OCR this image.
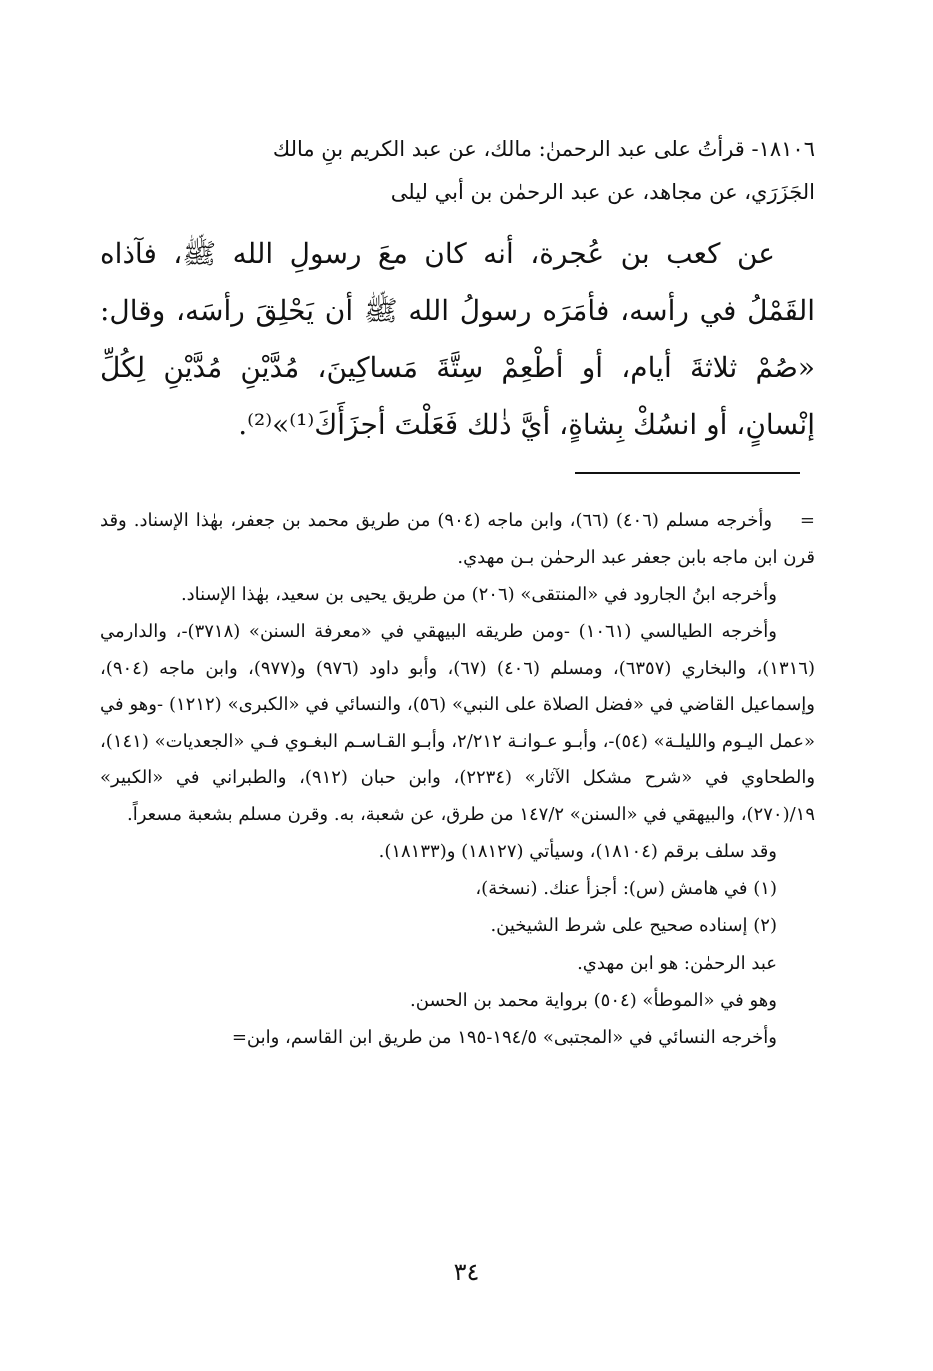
١٨١٠٦- قرأتُ على عبد الرحمنٰ: مالك، عن عبد الكريم بنِ مالك

الجَزَرَي، عن مجاهد، عن عبد الرحمٰن بن أبي ليلى

عن كعب بن عُجرة، أنه كان معَ رسولِ الله ﷺ، فآذاه القَمْلُ في رأسه، فأمَرَه رسولُ الله ﷺ أن يَحْلِقَ رأسَه، وقال: «صُمْ ثلاثةَ أيام، أو أطْعِمْ سِتَّةَ مَساكِينَ، مُدَّيْنِ مُدَّيْنِ لِكُلِّ إنْسانٍ، أو انسُكْ بِشاةٍ، أيَّ ذٰلك فَعَلْتَ أجزَأَكَ⁽¹⁾»⁽²⁾.

=    وأخرجه مسلم (٤٠٦) (٦٦)، وابن ماجه (٩٠٤) من طريق محمد بن جعفر، بهٰذا الإسناد. وقد قرن ابن ماجه بابن جعفر عبد الرحمٰن بـن مهدي.

وأخرجه ابنُ الجارود في «المنتقى» (٢٠٦) من طريق يحيى بن سعيد، بهٰذا الإسناد.

وأخرجه الطيالسي (١٠٦١) -ومن طريقه البيهقي في «معرفة السنن» (٣٧١٨)-، والدارمي (١٣١٦)، والبخاري (٦٣٥٧)، ومسلم (٤٠٦) (٦٧)، وأبو داود (٩٧٦) و(٩٧٧)، وابن ماجه (٩٠٤)، وإسماعيل القاضي في «فضل الصلاة على النبي» (٥٦)، والنسائي في «الكبرى» (١٢١٢) -وهو في «عمل اليـوم والليلـة» (٥٤)-، وأبـو عـوانـة ٢/٢١٢، وأبـو القـاسـم البغـوي فـي «الجعديات» (١٤١)، والطحاوي في «شرح مشكل الآثار» (٢٢٣٤)، وابن حبان (٩١٢)، والطبراني في «الكبير» ١٩/(٢٧٠)، والبيهقي في «السنن» ١٤٧/٢ من طرق، عن شعبة، به. وقرن مسلم بشعبة مسعراً.

وقد سلف برقم (١٨١٠٤)، وسيأتي (١٨١٢٧) و(١٨١٣٣).

(١) في هامش (س): أجزأ عنك. (نسخة)،

(٢) إسناده صحيح على شرط الشيخين.

عبد الرحمٰن: هو ابن مهدي.

وهو في «الموطأ» (٥٠٤) برواية محمد بن الحسن.

وأخرجه النسائي في «المجتبى» ١٩٤/٥-١٩٥ من طريق ابن القاسم، وابن=

٣٤
